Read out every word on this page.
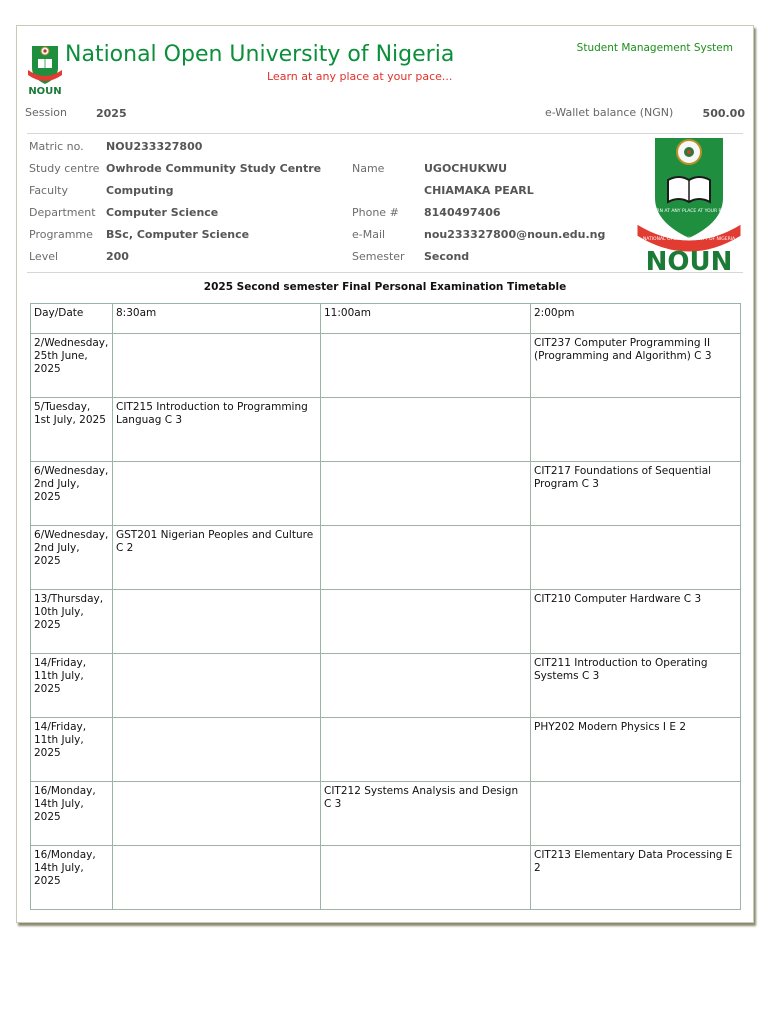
NOUN
National Open University of Nigeria
Learn at any place at your pace...
Student Management System
Session	2025	e-Wallet balance (NGN)	500.00
Matric no. NOU233327800
Study centre Owhrode Community Study Centre	Name	UGOCHUKWU
Faculty	Computing	CHIAMAKA PEARL
Department Computer Science	Phone # 8140497406
Programme BSc, Computer Science	e-Mail	nou233327800@noun.edu.ng
Level	200	Semester Second
LEARN AT ANY PLACE AT YOUR PACE
NATIONAL OPEN UNIVERSITY OF NIGERIA
NOUN
2025 Second semester Final Personal Examination Timetable
Day/Date	8:30am	11:00am	2:00pm
2/Wednesday, 25th June, 2025			CIT237 Computer Programming II (Programming and Algorithm) C 3
5/Tuesday, 1st July, 2025	CIT215 Introduction to Programming Languag C 3		
6/Wednesday, 2nd July, 2025			CIT217 Foundations of Sequential Program C 3
6/Wednesday, 2nd July, 2025	GST201 Nigerian Peoples and Culture C 2		
13/Thursday, 10th July, 2025			CIT210 Computer Hardware C 3
14/Friday, 11th July, 2025			CIT211 Introduction to Operating Systems C 3
14/Friday, 11th July, 2025			PHY202 Modern Physics I E 2
16/Monday, 14th July, 2025		CIT212 Systems Analysis and Design C 3	
16/Monday, 14th July, 2025			CIT213 Elementary Data Processing E 2
